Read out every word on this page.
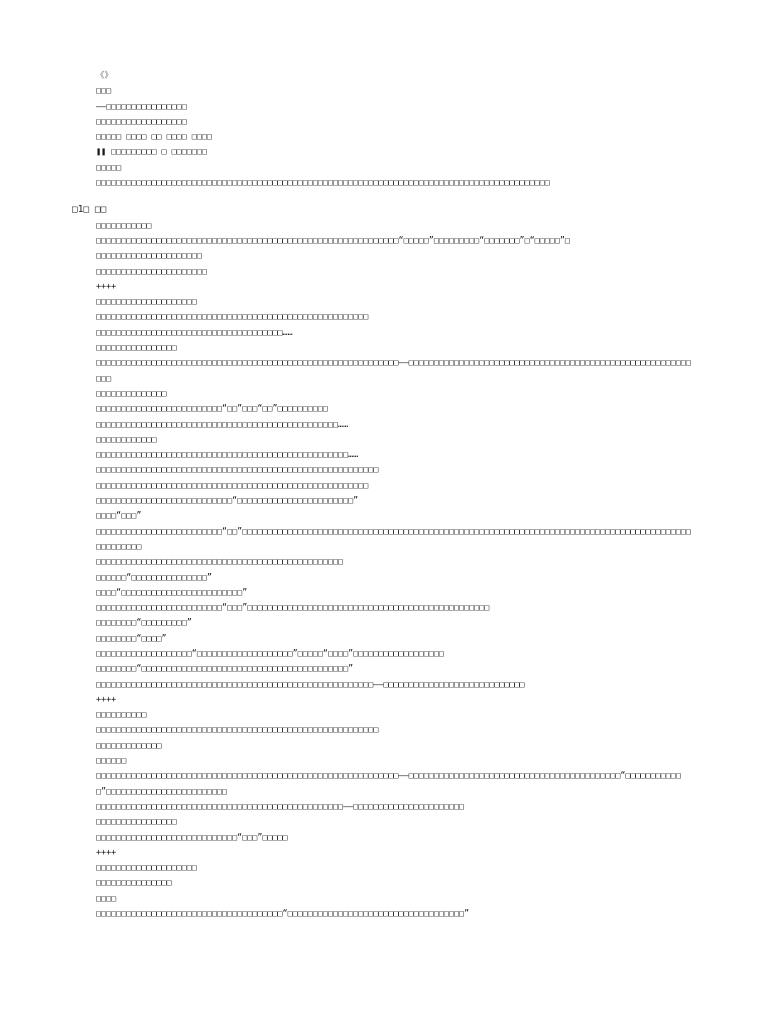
《》
□□□
——□□□□□□□□□□□□□□□□
□□□□□□□□□□□□□□□□□□
□□□□□ □□□□ □□ □□□□ □□□□
❚❚ □□□□□□□□□ □ □□□□□□□
□□□□□
□□□□□□□□□□□□□□□□□□□□□□□□□□□□□□□□□□□□□□□□□□□□□□□□□□□□□□□□□□□□□□□□□□□□□□□□□□□□□□□□□□□□□□□□□□
□1□ □□
□□□□□□□□□□□
□□□□□□□□□□□□□□□□□□□□□□□□□□□□□□□□□□□□□□□□□□□□□□□□□□□□□□□□□□□□“□□□□□”□□□□□□□□□“□□□□□□□”□“□□□□□”□
□□□□□□□□□□□□□□□□□□□□□
□□□□□□□□□□□□□□□□□□□□□□
++++
□□□□□□□□□□□□□□□□□□□□
□□□□□□□□□□□□□□□□□□□□□□□□□□□□□□□□□□□□□□□□□□□□□□□□□□□□□□
□□□□□□□□□□□□□□□□□□□□□□□□□□□□□□□□□□□□□……
□□□□□□□□□□□□□□□□
□□□□□□□□□□□□□□□□□□□□□□□□□□□□□□□□□□□□□□□□□□□□□□□□□□□□□□□□□□□□——□□□□□□□□□□□□□□□□□□□□□□□□□□□□□□□□□□□□□□□□□□□□□□□□□□□□□□□□□□□
□□□□□□□□□□□□□□
□□□□□□□□□□□□□□□□□□□□□□□□□“□□”□□□“□□”□□□□□□□□□□
□□□□□□□□□□□□□□□□□□□□□□□□□□□□□□□□□□□□□□□□□□□□□□□□……
□□□□□□□□□□□□
□□□□□□□□□□□□□□□□□□□□□□□□□□□□□□□□□□□□□□□□□□□□□□□□□□……
□□□□□□□□□□□□□□□□□□□□□□□□□□□□□□□□□□□□□□□□□□□□□□□□□□□□□□□□
□□□□□□□□□□□□□□□□□□□□□□□□□□□□□□□□□□□□□□□□□□□□□□□□□□□□□□
□□□□□□□□□□□□□□□□□□□□□□□□□□□“□□□□□□□□□□□□□□□□□□□□□□□”
□□□□“□□□”
□□□□□□□□□□□□□□□□□□□□□□□□□“□□”□□□□□□□□□□□□□□□□□□□□□□□□□□□□□□□□□□□□□□□□□□□□□□□□□□□□□□□□□□□□□□□□□□□□□□□□□□□□□□□□□□□□□□□□□□□□□□□□□□
□□□□□□□□□□□□□□□□□□□□□□□□□□□□□□□□□□□□□□□□□□□□□□□□□
□□□□□□“□□□□□□□□□□□□□□□”
□□□□“□□□□□□□□□□□□□□□□□□□□□□□□”
□□□□□□□□□□□□□□□□□□□□□□□□□“□□□”□□□□□□□□□□□□□□□□□□□□□□□□□□□□□□□□□□□□□□□□□□□□□□□□
□□□□□□□□“□□□□□□□□□”
□□□□□□□□“□□□□”
□□□□□□□□□□□□□□□□□□□“□□□□□□□□□□□□□□□□□□□”□□□□□“□□□□”□□□□□□□□□□□□□□□□□□
□□□□□□□□“□□□□□□□□□□□□□□□□□□□□□□□□□□□□□□□□□□□□□□□□□”
□□□□□□□□□□□□□□□□□□□□□□□□□□□□□□□□□□□□□□□□□□□□□□□□□□□□□□□——□□□□□□□□□□□□□□□□□□□□□□□□□□□□
++++
□□□□□□□□□□
□□□□□□□□□□□□□□□□□□□□□□□□□□□□□□□□□□□□□□□□□□□□□□□□□□□□□□□□
□□□□□□□□□□□□□
□□□□□□
□□□□□□□□□□□□□□□□□□□□□□□□□□□□□□□□□□□□□□□□□□□□□□□□□□□□□□□□□□□□——□□□□□□□□□□□□□□□□□□□□□□□□□□□□□□□□□□□□□□□□□□“□□□□□□□□□□□□”□□□□□□□□□□□□□□□□□□□□□□□□
□□□□□□□□□□□□□□□□□□□□□□□□□□□□□□□□□□□□□□□□□□□□□□□□□——□□□□□□□□□□□□□□□□□□□□□□
□□□□□□□□□□□□□□□□
□□□□□□□□□□□□□□□□□□□□□□□□□□□□“□□□”□□□□□
++++
□□□□□□□□□□□□□□□□□□□□
□□□□□□□□□□□□□□□
□□□□
□□□□□□□□□□□□□□□□□□□□□□□□□□□□□□□□□□□□□“□□□□□□□□□□□□□□□□□□□□□□□□□□□□□□□□□□□”
